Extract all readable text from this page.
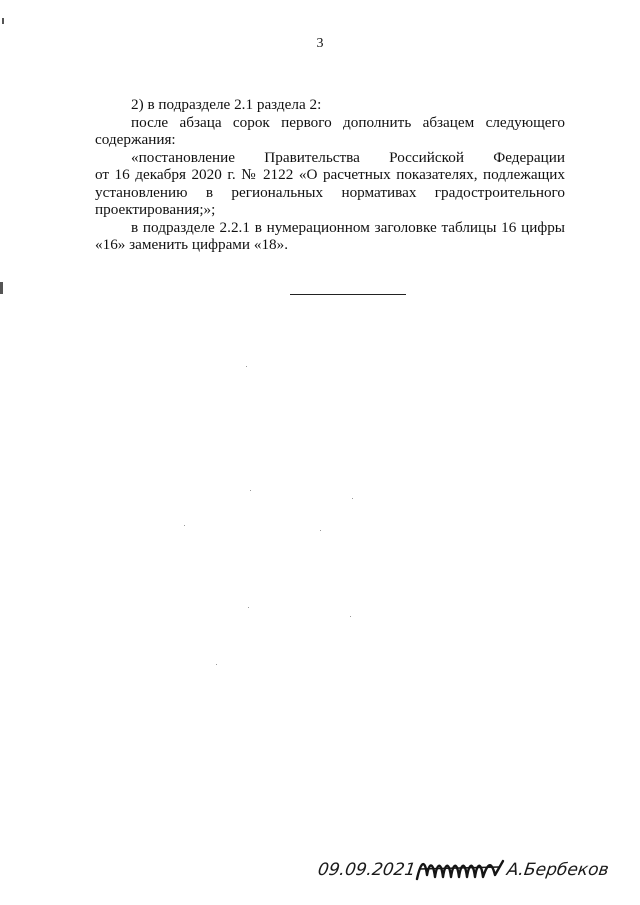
3

2) в подразделе 2.1 раздела 2:

после абзаца сорок первого дополнить абзацем следующего содержания:

«постановление Правительства Российской Федерации

от 16 декабря 2020 г. № 2122 «О расчетных показателях, подлежащих установлению в региональных нормативах градостроительного проектирования;»;

в подразделе 2.2.1 в нумерационном заголовке таблицы 16 цифры «16» заменить цифрами «18».

09.09.2021	А.Бербеков
